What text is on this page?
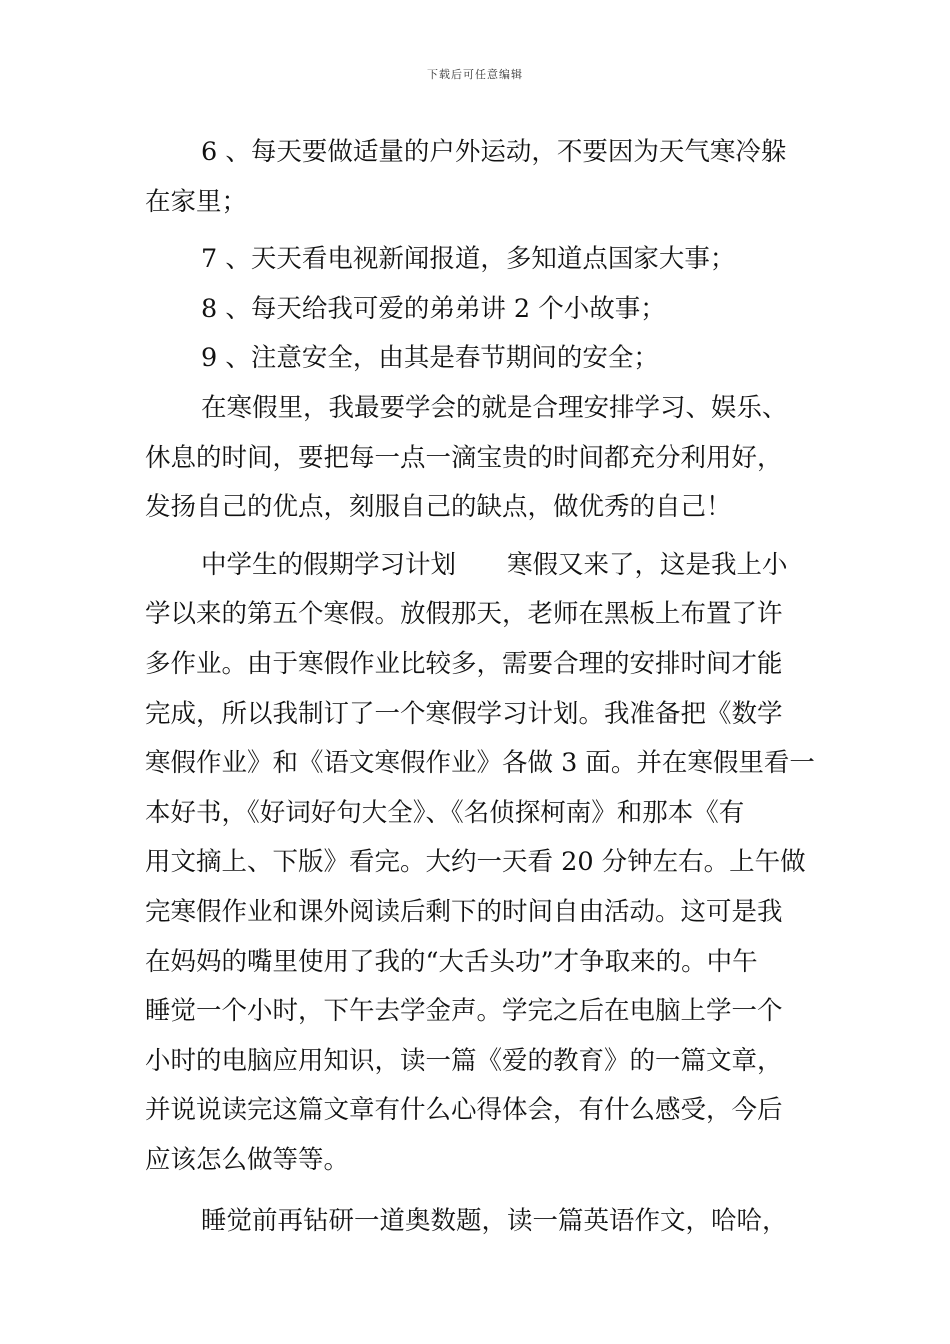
下载后可任意编辑
6 、每天要做适量的户外运动，不要因为天气寒冷躲
在家里；
7 、天天看电视新闻报道，多知道点国家大事；
8 、每天给我可爱的弟弟讲 2 个小故事；
9 、注意安全，由其是春节期间的安全；
在寒假里，我最要学会的就是合理安排学习、娱乐、
休息的时间，要把每一点一滴宝贵的时间都充分利用好，
发扬自己的优点，刻服自己的缺点，做优秀的自己！
中学生的假期学习计划　　寒假又来了，这是我上小
学以来的第五个寒假。放假那天，老师在黑板上布置了许
多作业。由于寒假作业比较多，需要合理的安排时间才能
完成，所以我制订了一个寒假学习计划。我准备把《数学
寒假作业》和《语文寒假作业》各做 3 面。并在寒假里看一
本好书，《好词好句大全》、《名侦探柯南》和那本《有
用文摘上、下版》看完。大约一天看 20 分钟左右。上午做
完寒假作业和课外阅读后剩下的时间自由活动。这可是我
在妈妈的嘴里使用了我的“大舌头功”才争取来的。中午
睡觉一个小时，下午去学金声。学完之后在电脑上学一个
小时的电脑应用知识，读一篇《爱的教育》的一篇文章，
并说说读完这篇文章有什么心得体会，有什么感受，今后
应该怎么做等等。
睡觉前再钻研一道奥数题，读一篇英语作文，哈哈，
